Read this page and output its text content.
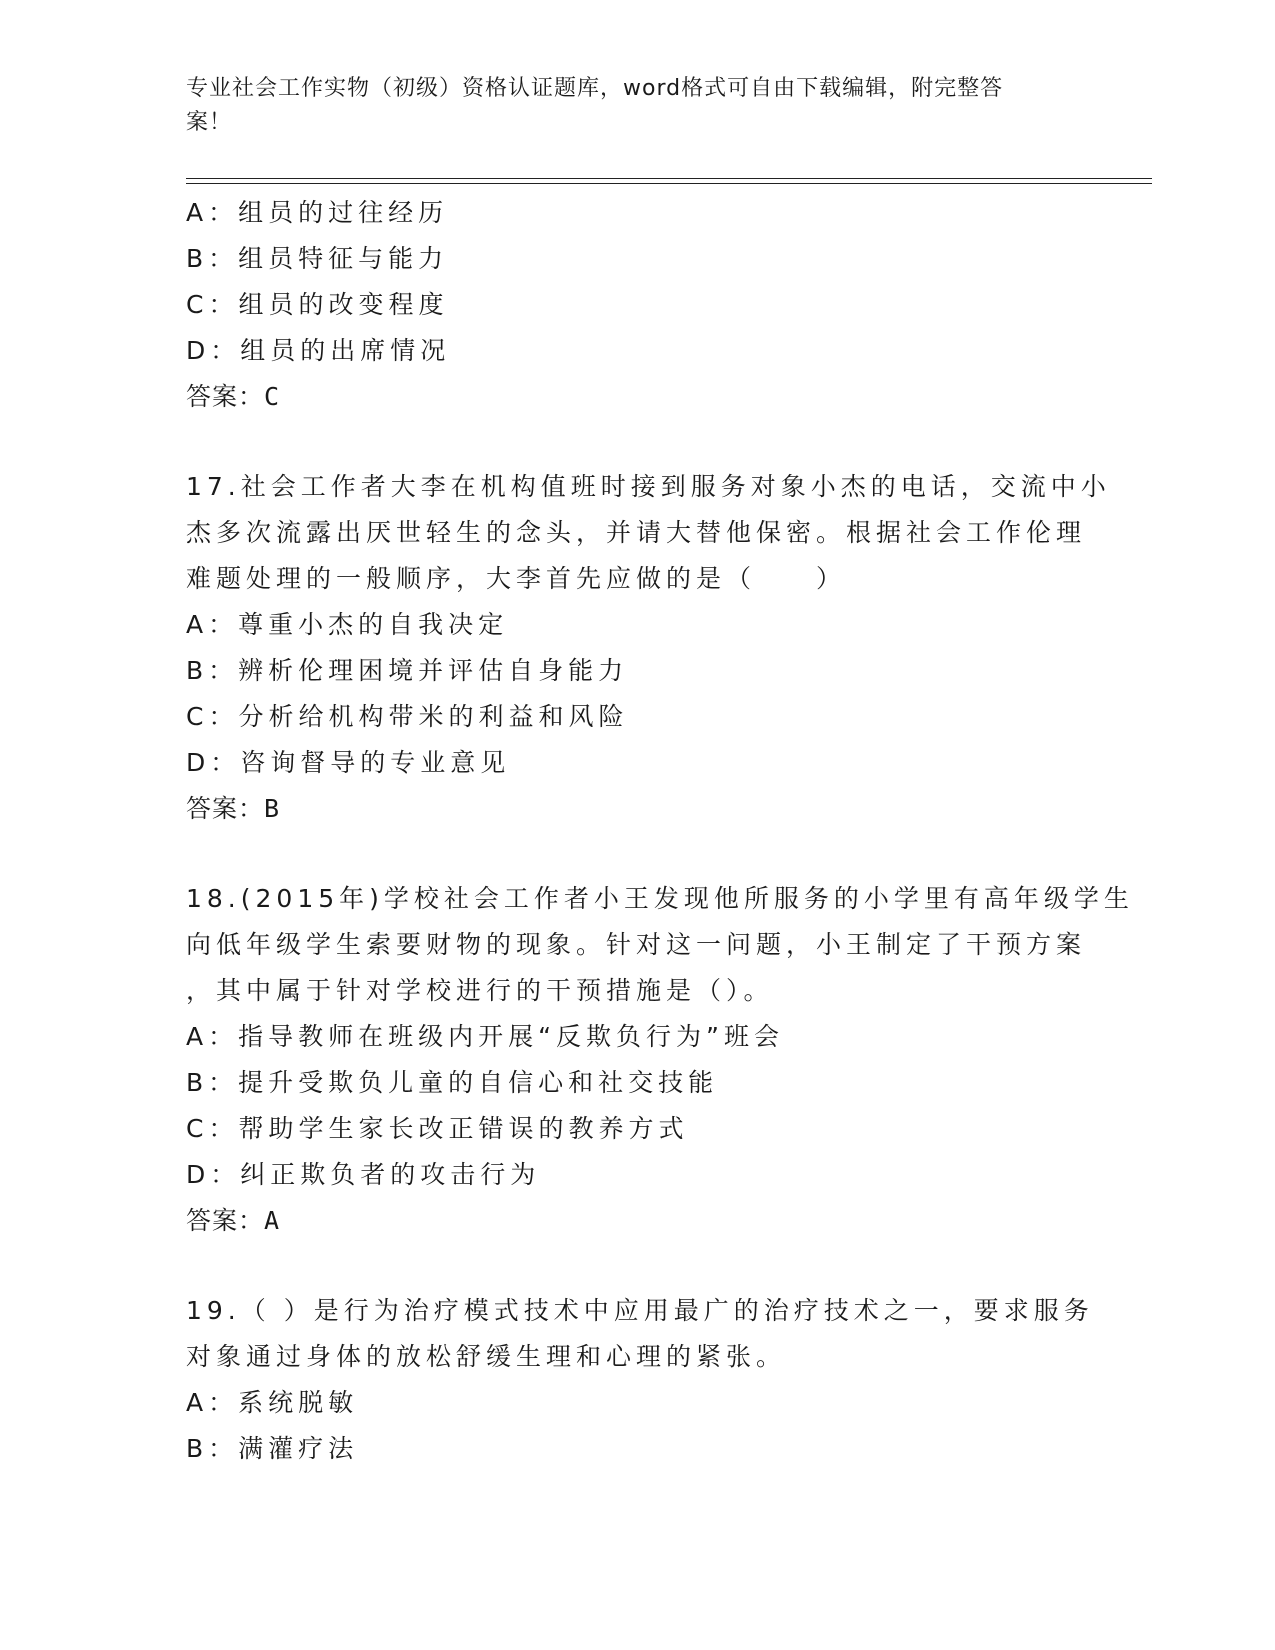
专业社会工作实物（初级）资格认证题库，word格式可自由下载编辑，附完整答
案！
A：组员的过往经历
B：组员特征与能力
C：组员的改变程度
D：组员的出席情况
答案：C
17.社会工作者大李在机构值班时接到服务对象小杰的电话，交流中小
杰多次流露出厌世轻生的念头，并请大替他保密。根据社会工作伦理
难题处理的一般顺序，大李首先应做的是（　　）
A：尊重小杰的自我决定
B：辨析伦理困境并评估自身能力
C：分析给机构带米的利益和风险
D：咨询督导的专业意见
答案：B
18.(2015年)学校社会工作者小王发现他所服务的小学里有高年级学生
向低年级学生索要财物的现象。针对这一问题，小王制定了干预方案
，其中属于针对学校进行的干预措施是（）。
A：指导教师在班级内开展“反欺负行为”班会
B：提升受欺负儿童的自信心和社交技能
C：帮助学生家长改正错误的教养方式
D：纠正欺负者的攻击行为
答案：A
19.（ ）是行为治疗模式技术中应用最广的治疗技术之一，要求服务
对象通过身体的放松舒缓生理和心理的紧张。
A：系统脱敏
B：满灌疗法
